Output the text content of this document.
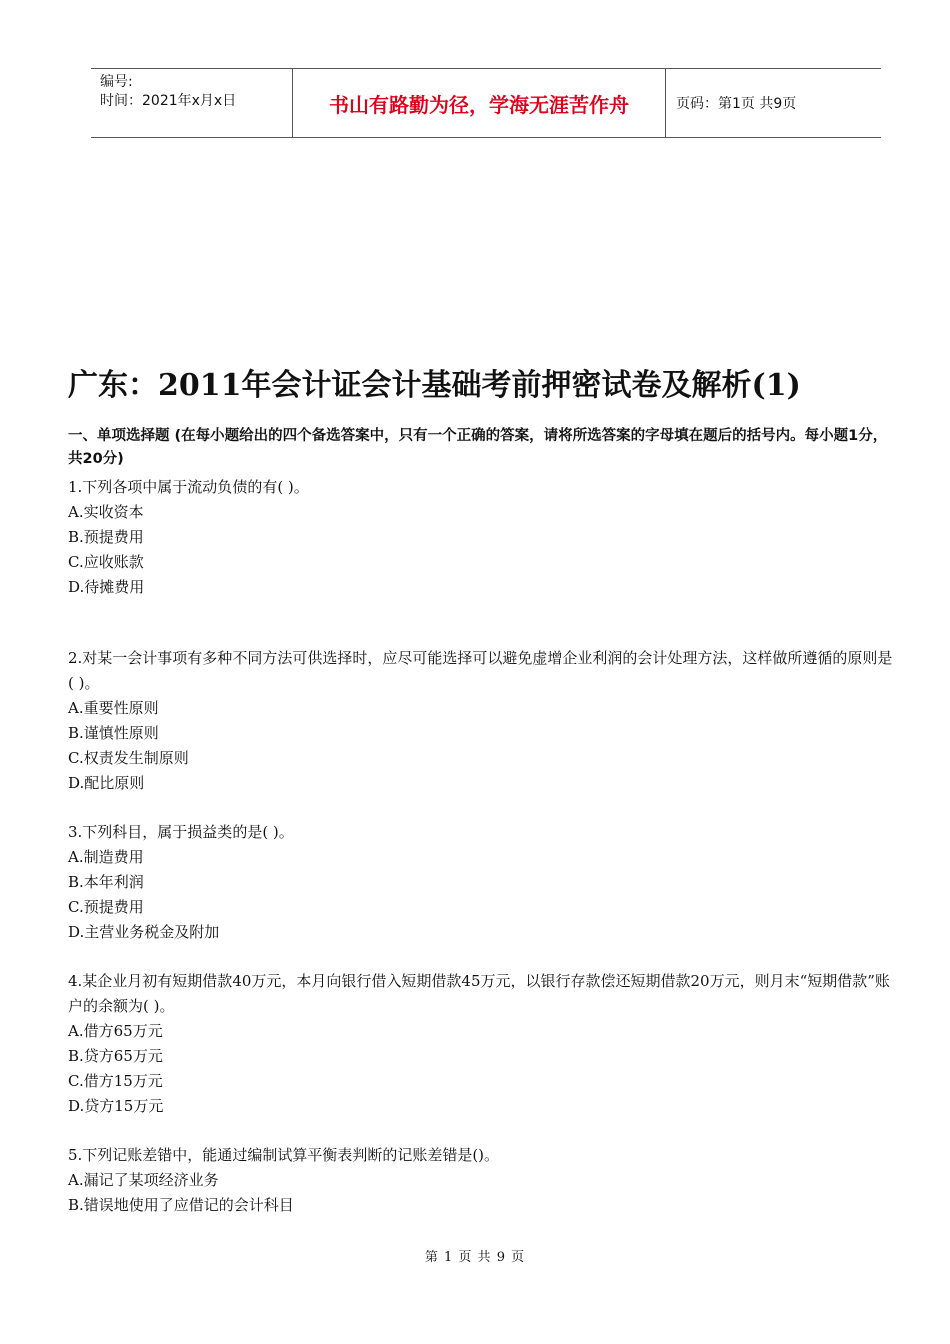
编号:
时间：2021年x月x日	书山有路勤为径，学海无涯苦作舟	页码：第1页 共9页
广东：2011年会计证会计基础考前押密试卷及解析(1)
一、单项选择题 (在每小题给出的四个备选答案中，只有一个正确的答案，请将所选答案的字母填在题后的括号内。每小题1分，共20分)
1.下列各项中属于流动负债的有( )。
A.实收资本
B.预提费用
C.应收账款
D.待摊费用
2.对某一会计事项有多种不同方法可供选择时，应尽可能选择可以避免虚增企业利润的会计处理方法，这样做所遵循的原则是( )。
A.重要性原则
B.谨慎性原则
C.权责发生制原则
D.配比原则
3.下列科目，属于损益类的是( )。
A.制造费用
B.本年利润
C.预提费用
D.主营业务税金及附加
4.某企业月初有短期借款40万元，本月向银行借入短期借款45万元，以银行存款偿还短期借款20万元，则月末“短期借款”账户的余额为( )。
A.借方65万元
B.贷方65万元
C.借方15万元
D.贷方15万元
5.下列记账差错中，能通过编制试算平衡表判断的记账差错是()。
A.漏记了某项经济业务
B.错误地使用了应借记的会计科目
第 1 页 共 9 页
